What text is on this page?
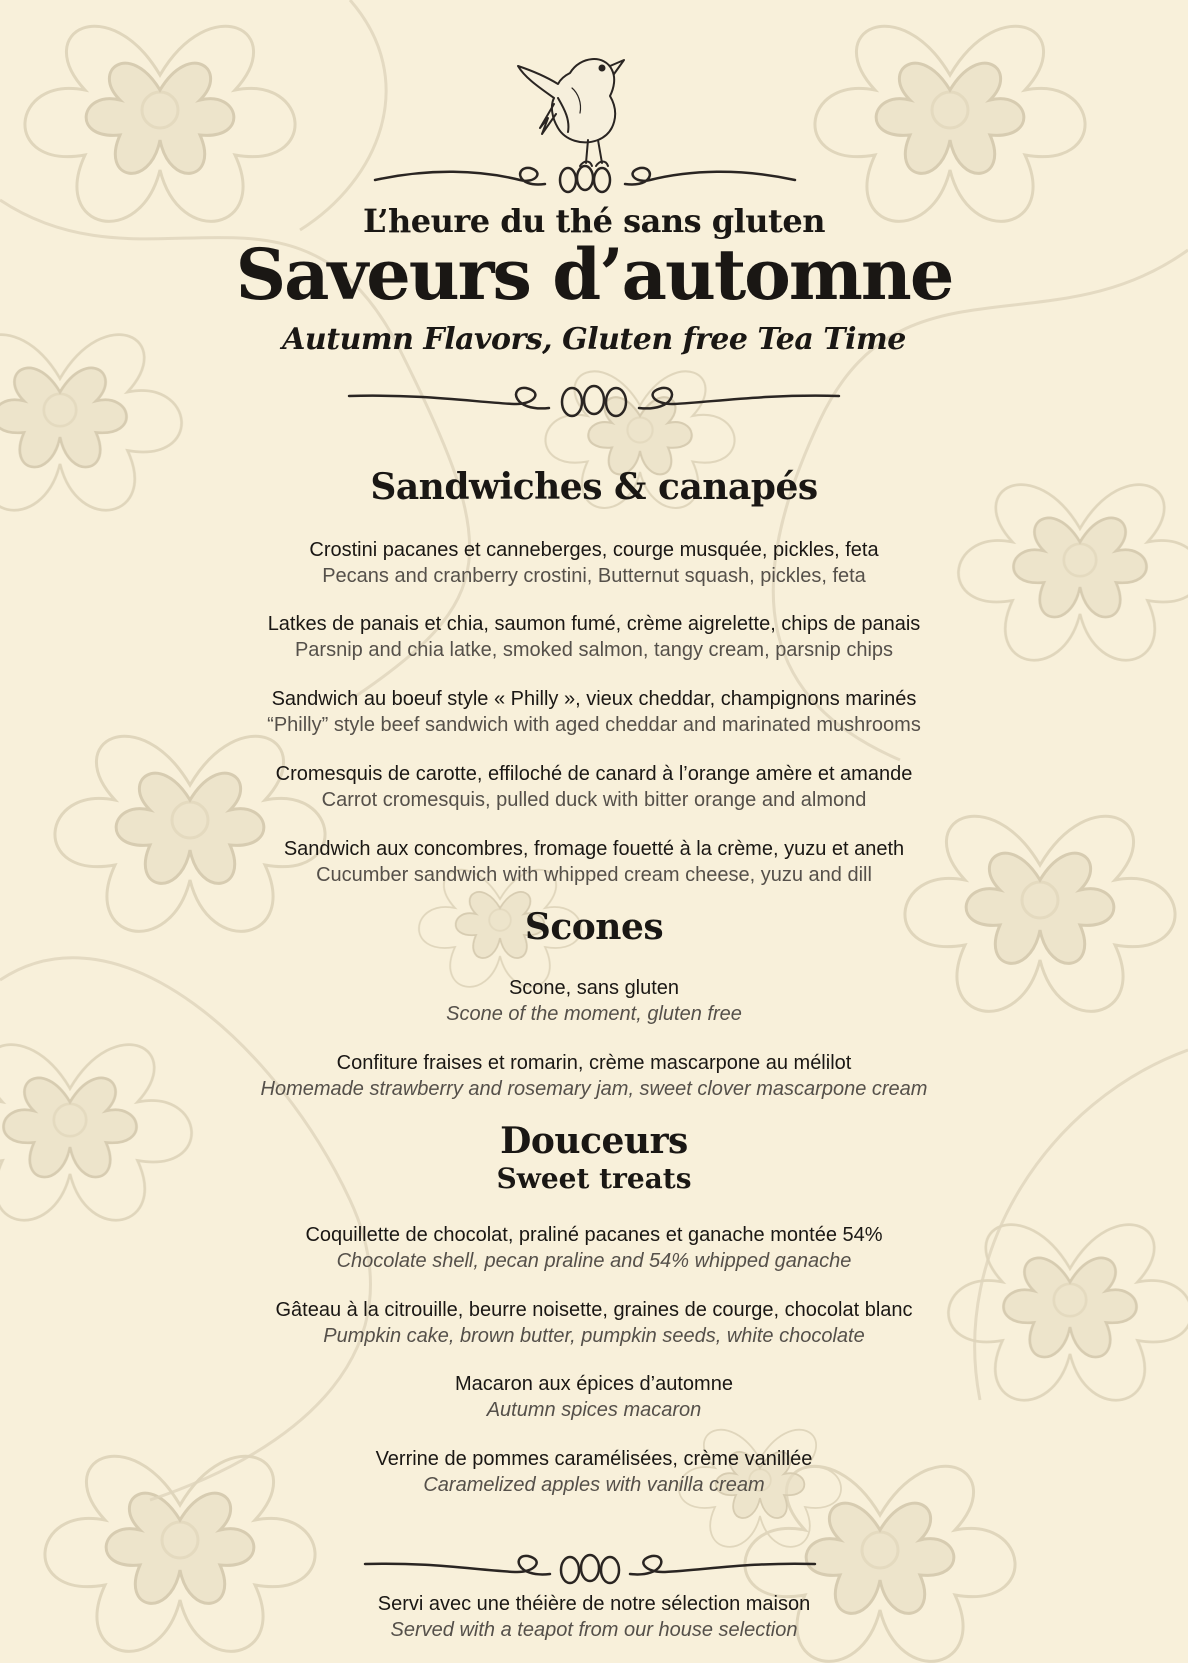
L’heure du thé sans gluten
Saveurs d’automne
Autumn Flavors, Gluten free Tea Time
Sandwiches & canapés
Crostini pacanes et canneberges, courge musquée, pickles, feta
Pecans and cranberry crostini, Butternut squash, pickles, feta
Latkes de panais et chia, saumon fumé, crème aigrelette, chips de panais
Parsnip and chia latke, smoked salmon, tangy cream, parsnip chips
Sandwich au boeuf style « Philly », vieux cheddar, champignons marinés
“Philly” style beef sandwich with aged cheddar and marinated mushrooms
Cromesquis de carotte, effiloché de canard à l’orange amère et amande
Carrot cromesquis, pulled duck with bitter orange and almond
Sandwich aux concombres, fromage fouetté à la crème, yuzu et aneth
Cucumber sandwich with whipped cream cheese, yuzu and dill
Scones
Scone, sans gluten
Scone of the moment, gluten free
Confiture fraises et romarin, crème mascarpone au mélilot
Homemade strawberry and rosemary jam, sweet clover mascarpone cream
Douceurs
Sweet treats
Coquillette de chocolat, praliné pacanes et ganache montée 54%
Chocolate shell, pecan praline and 54% whipped ganache
Gâteau à la citrouille, beurre noisette, graines de courge, chocolat blanc
Pumpkin cake, brown butter, pumpkin seeds, white chocolate
Macaron aux épices d’automne
Autumn spices macaron
Verrine de pommes caramélisées, crème vanillée
Caramelized apples with vanilla cream
Servi avec une théière de notre sélection maison
Served with a teapot from our house selection
